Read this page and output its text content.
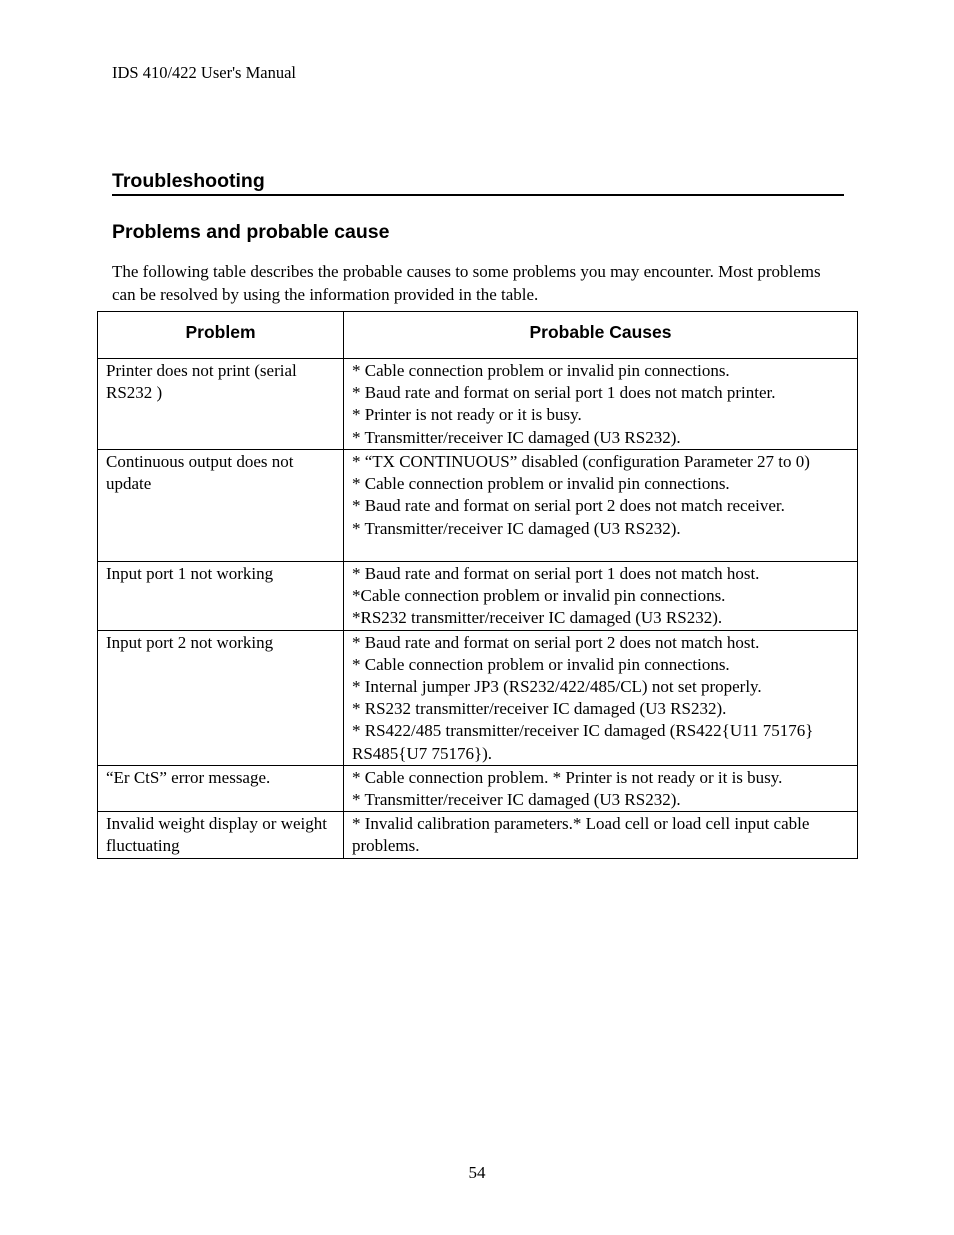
IDS 410/422 User's Manual
Troubleshooting
Problems and probable cause

The following table describes the probable causes to some problems you may encounter. Most problems can be resolved by using the information provided in the table.

Problem	Probable Causes
Printer does not print (serial RS232 )	* Cable connection problem or invalid pin connections.
* Baud rate and format on serial port 1 does not match printer.
* Printer is not ready or it is busy.
* Transmitter/receiver IC damaged (U3 RS232).

Continuous output does not update	* “TX CONTINUOUS” disabled (configuration Parameter 27 to 0)
* Cable connection problem or invalid pin connections.
* Baud rate and format on serial port 2 does not match receiver.
* Transmitter/receiver IC damaged (U3 RS232).

Input port 1 not working	* Baud rate and format on serial port 1 does not match host.
*Cable connection problem or invalid pin connections.
*RS232 transmitter/receiver IC damaged (U3 RS232).

Input port 2 not working	* Baud rate and format on serial port 2 does not match host.
* Cable connection problem or invalid pin connections.
* Internal jumper JP3 (RS232/422/485/CL) not set properly.
* RS232 transmitter/receiver IC damaged (U3 RS232).
* RS422/485 transmitter/receiver IC damaged (RS422{U11 75176} RS485{U7 75176}).

“Er CtS” error message.	* Cable connection problem. * Printer is not ready or it is busy.
* Transmitter/receiver IC damaged (U3 RS232).

Invalid weight display or weight fluctuating	* Invalid calibration parameters.* Load cell or load cell input cable problems.
54
